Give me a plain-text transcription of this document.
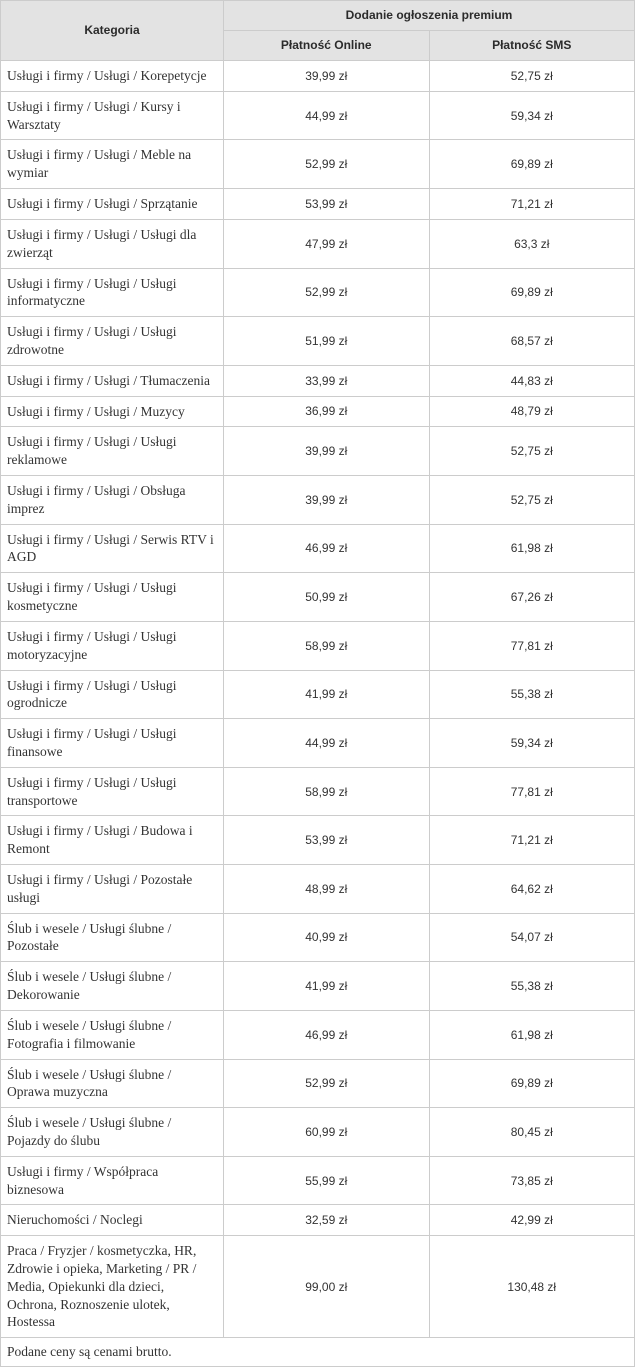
Kategoria	Dodanie ogłoszenia premium	
	Płatność Online	Płatność SMS
Usługi i firmy / Usługi / Korepetycje	39,99 zł	52,75 zł
Usługi i firmy / Usługi / Kursy i Warsztaty	44,99 zł	59,34 zł
Usługi i firmy / Usługi / Meble na wymiar	52,99 zł	69,89 zł
Usługi i firmy / Usługi / Sprzątanie	53,99 zł	71,21 zł
Usługi i firmy / Usługi / Usługi dla zwierząt	47,99 zł	63,3 zł
Usługi i firmy / Usługi / Usługi informatyczne	52,99 zł	69,89 zł
Usługi i firmy / Usługi / Usługi zdrowotne	51,99 zł	68,57 zł
Usługi i firmy / Usługi / Tłumaczenia	33,99 zł	44,83 zł
Usługi i firmy / Usługi / Muzycy	36,99 zł	48,79 zł
Usługi i firmy / Usługi / Usługi reklamowe	39,99 zł	52,75 zł
Usługi i firmy / Usługi / Obsługa imprez	39,99 zł	52,75 zł
Usługi i firmy / Usługi / Serwis RTV i AGD	46,99 zł	61,98 zł
Usługi i firmy / Usługi / Usługi kosmetyczne	50,99 zł	67,26 zł
Usługi i firmy / Usługi / Usługi motoryzacyjne	58,99 zł	77,81 zł
Usługi i firmy / Usługi / Usługi ogrodnicze	41,99 zł	55,38 zł
Usługi i firmy / Usługi / Usługi finansowe	44,99 zł	59,34 zł
Usługi i firmy / Usługi / Usługi transportowe	58,99 zł	77,81 zł
Usługi i firmy / Usługi / Budowa i Remont	53,99 zł	71,21 zł
Usługi i firmy / Usługi / Pozostałe usługi	48,99 zł	64,62 zł
Ślub i wesele / Usługi ślubne / Pozostałe	40,99 zł	54,07 zł
Ślub i wesele / Usługi ślubne / Dekorowanie	41,99 zł	55,38 zł
Ślub i wesele / Usługi ślubne / Fotografia i filmowanie	46,99 zł	61,98 zł
Ślub i wesele / Usługi ślubne / Oprawa muzyczna	52,99 zł	69,89 zł
Ślub i wesele / Usługi ślubne / Pojazdy do ślubu	60,99 zł	80,45 zł
Usługi i firmy / Współpraca biznesowa	55,99 zł	73,85 zł
Nieruchomości / Noclegi	32,59 zł	42,99 zł
Praca / Fryzjer / kosmetyczka, HR, Zdrowie i opieka, Marketing / PR / Media, Opiekunki dla dzieci, Ochrona, Roznoszenie ulotek, Hostessa	99,00 zł	130,48 zł
Podane ceny są cenami brutto.		
